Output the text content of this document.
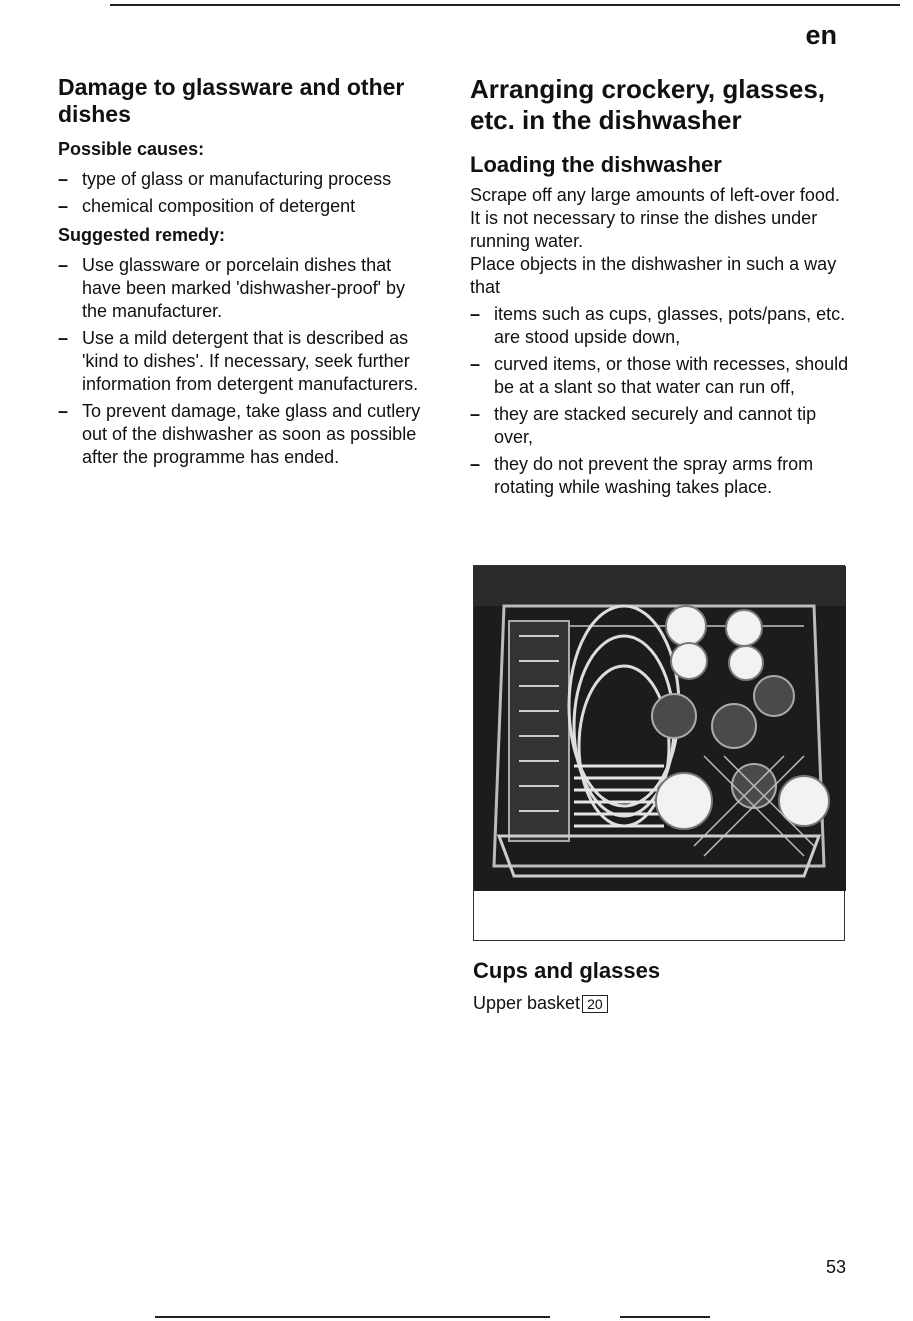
en
Damage to glassware and other dishes
Possible causes:
– type of glass or manufacturing process
– chemical composition of detergent
Suggested remedy:
– Use glassware or porcelain dishes that have been marked 'dishwasher-proof' by the manufacturer.
– Use a mild detergent that is described as 'kind to dishes'. If necessary, seek further information from detergent manufacturers.
– To prevent damage, take glass and cutlery out of the dishwasher as soon as possible after the programme has ended.
Arranging crockery, glasses, etc. in the dishwasher
Loading the dishwasher

Scrape off any large amounts of left-over food. It is not necessary to rinse the dishes under running water.

Place objects in the dishwasher in such a way that

– items such as cups, glasses, pots/pans, etc. are stood upside down,
– curved items, or those with recesses, should be at a slant so that water can run off,
– they are stacked securely and cannot tip over,
– they do not prevent the spray arms from rotating while washing takes place.
Cups and glasses

Upper basket 20

53
